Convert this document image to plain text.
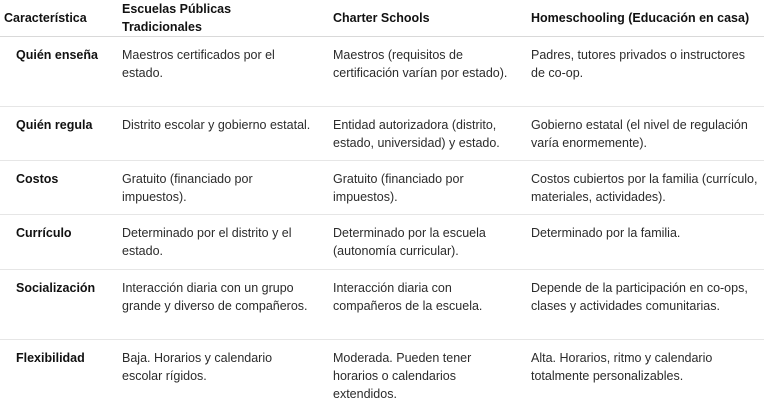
Característica	Escuelas Públicas Tradicionales	Charter Schools	Homeschooling (Educación en casa)
Quién enseña	Maestros certificados por el estado.	Maestros (requisitos de certificación varían por estado).	Padres, tutores privados o instructores de co-op.
Quién regula	Distrito escolar y gobierno estatal.	Entidad autorizadora (distrito, estado, universidad) y estado.	Gobierno estatal (el nivel de regulación varía enormemente).
Costos	Gratuito (financiado por impuestos).	Gratuito (financiado por impuestos).	Costos cubiertos por la familia (currículo, materiales, actividades).
Currículo	Determinado por el distrito y el estado.	Determinado por la escuela (autonomía curricular).	Determinado por la familia.
Socialización	Interacción diaria con un grupo grande y diverso de compañeros.	Interacción diaria con compañeros de la escuela.	Depende de la participación en co-ops, clases y actividades comunitarias.
Flexibilidad	Baja. Horarios y calendario escolar rígidos.	Moderada. Pueden tener horarios o calendarios extendidos.	Alta. Horarios, ritmo y calendario totalmente personalizables.
